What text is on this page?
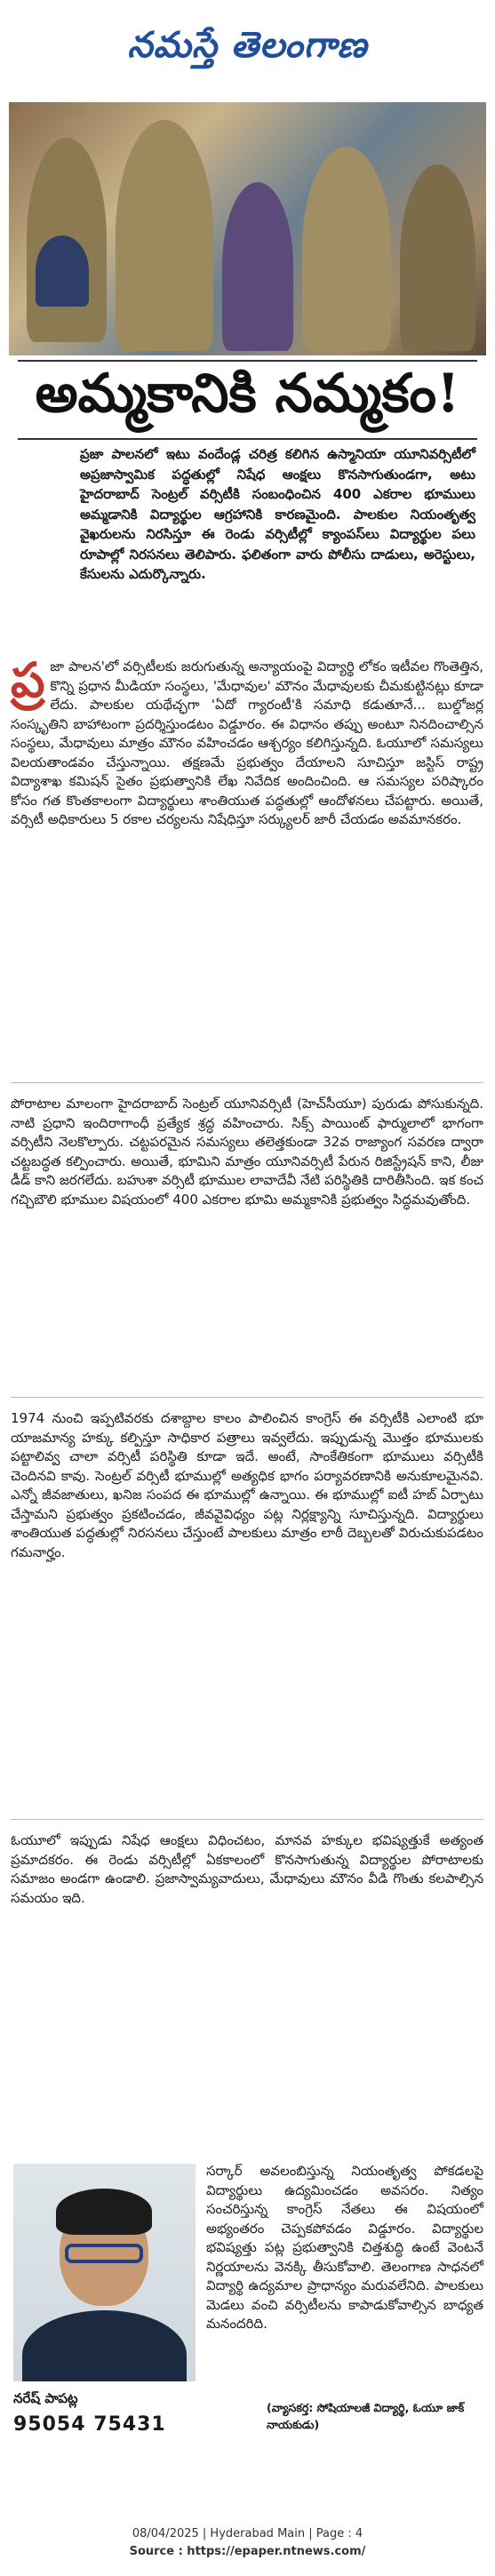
నమస్తే తెలంగాణ
అమ్మకానికి నమ్మకం!
ప్రజా పాలనలో ఇటు వందేండ్ల చరిత్ర కలిగిన ఉస్మానియా యూనివర్సిటీలో అప్రజాస్వామిక పద్ధతుల్లో నిషేధ ఆంక్షలు కొనసాగుతుండగా, అటు హైదరాబాద్ సెంట్రల్ వర్సిటీకి సంబంధించిన 400 ఎకరాల భూములు అమ్మడానికి విద్యార్థుల ఆగ్రహానికి కారణమైంది. పాలకుల నియంతృత్వ వైఖరులను నిరసిస్తూ ఈ రెండు వర్సిటీల్లో క్యాంపస్‌లు విద్యార్థుల పలు రూపాల్లో నిరసనలు తెలిపారు. ఫలితంగా వారు పోలీసు దాడులు, అరెస్టులు, కేసులను ఎదుర్కొన్నారు.
ప్ర జా పాలన'లో వర్సిటీలకు జరుగుతున్న అన్యాయంపై విద్యార్థి లోకం ఇటీవల గొంతెత్తిన, కొన్ని ప్రధాన మీడియా సంస్థలు, 'మేధావుల' మౌనం మేధావులకు చీమకుట్టినట్లు కూడా లేదు. పాలకుల యథేచ్ఛగా 'ఏదో గ్యారంటీ'కి సమాధి కడుతూనే... బుల్డోజర్ల సంస్కృతిని బాహాటంగా ప్రదర్శిస్తుండటం విడ్డూరం. ఈ విధానం తప్పు అంటూ నినదించాల్సిన సంస్థలు, మేధావులు మాత్రం మౌనం వహించడం ఆశ్చర్యం కలిగిస్తున్నది. ఓయూలో సమస్యలు విలయతాండవం చేస్తున్నాయి. తక్షణమే ప్రభుత్వం దేయాలని సూచిస్తూ జస్టిస్ రాష్ట్ర విద్యాశాఖ కమిషన్ సైతం ప్రభుత్వానికి లేఖ నివేదిక అందించింది. ఆ సమస్యల పరిష్కారం కోసం గత కొంతకాలంగా విద్యార్థులు శాంతియుత పద్ధతుల్లో ఆందోళనలు చేపట్టారు. అయితే, వర్సిటీ అధికారులు 5 రకాల చర్యలను నిషేధిస్తూ సర్క్యులర్ జారీ చేయడం అవమానకరం.
పోరాటాల మాలంగా హైదరాబాద్ సెంట్రల్ యూనివర్సిటీ (హెచ్‌సీయూ) పురుడు పోసుకున్నది. నాటి ప్రధాని ఇందిరాగాంధీ ప్రత్యేక శ్రద్ధ వహించారు. సిక్స్ పాయింట్ ఫార్ములాలో భాగంగా వర్సిటీని నెలకొల్పారు. చట్టపరమైన సమస్యలు తలెత్తకుండా 32వ రాజ్యాంగ సవరణ ద్వారా చట్టబద్ధత కల్పించారు. అయితే, భూమిని మాత్రం యూనివర్సిటీ పేరున రిజిస్ట్రేషన్ కాని, లీజు డీడ్ కాని జరగలేదు. బహుశా వర్సిటీ భూముల లావాదేవీ నేటి పరిస్థితికి దారితీసింది. ఇక కంచ గచ్చిబౌలి భూముల విషయంలో 400 ఎకరాల భూమి అమ్మకానికి ప్రభుత్వం సిద్ధమవుతోంది.
1974 నుంచి ఇప్పటివరకు దశాబ్దాల కాలం పాలించిన కాంగ్రెస్ ఈ వర్సిటీకి ఎలాంటి భూ యాజమాన్య హక్కు కల్పిస్తూ సాధికార పత్రాలు ఇవ్వలేదు. ఇప్పుడున్న మొత్తం భూములకు పట్టాలివ్వ చాలా వర్సిటీ పరిస్థితి కూడా ఇదే. అంటే, సాంకేతికంగా భూములు వర్సిటీకి చెందినవి కావు. సెంట్రల్ వర్సిటీ భూముల్లో అత్యధిక భాగం పర్యావరణానికి అనుకూలమైనవి. ఎన్నో జీవజాతులు, ఖనిజ సంపద ఈ భూముల్లో ఉన్నాయి. ఈ భూముల్లో ఐటీ హబ్ ఏర్పాటు చేస్తామని ప్రభుత్వం ప్రకటించడం, జీవవైవిధ్యం పట్ల నిర్లక్ష్యాన్ని సూచిస్తున్నది. విద్యార్థులు శాంతియుత పద్ధతుల్లో నిరసనలు చేస్తుంటే పాలకులు మాత్రం లాఠీ దెబ్బలతో విరుచుకుపడటం గమనార్హం.
ఓయూలో ఇప్పుడు నిషేధ ఆంక్షలు విధించటం, మానవ హక్కుల భవిష్యత్తుకే అత్యంత ప్రమాదకరం. ఈ రెండు వర్సిటీల్లో ఏకకాలంలో కొనసాగుతున్న విద్యార్థుల పోరాటాలకు సమాజం అండగా ఉండాలి. ప్రజాస్వామ్యవాదులు, మేధావులు మౌనం వీడి గొంతు కలపాల్సిన సమయం ఇది.
సర్కార్ అవలంబిస్తున్న నియంతృత్వ పోకడలపై విద్యార్థులు ఉద్యమించడం అవసరం. నిత్యం సంచరిస్తున్న కాంగ్రెస్ నేతలు ఈ విషయంలో అభ్యంతరం చెప్పకపోవడం విడ్డూరం. విద్యార్థుల భవిష్యత్తు పట్ల ప్రభుత్వానికి చిత్తశుద్ధి ఉంటే వెంటనే నిర్ణయాలను వెనక్కి తీసుకోవాలి. తెలంగాణ సాధనలో విద్యార్థి ఉద్యమాల ప్రాధాన్యం మరువలేనిది. పాలకులు మెడలు వంచి వర్సిటీలను కాపాడుకోవాల్సిన బాధ్యత మనందరిది.
నరేష్ పాపట్ల
95054 75431
(వ్యాసకర్త: సోషియాలజీ విద్యార్థి, ఓయూ జాక్ నాయకుడు)
08/04/2025 | Hyderabad Main | Page : 4
Source : https://epaper.ntnews.com/
